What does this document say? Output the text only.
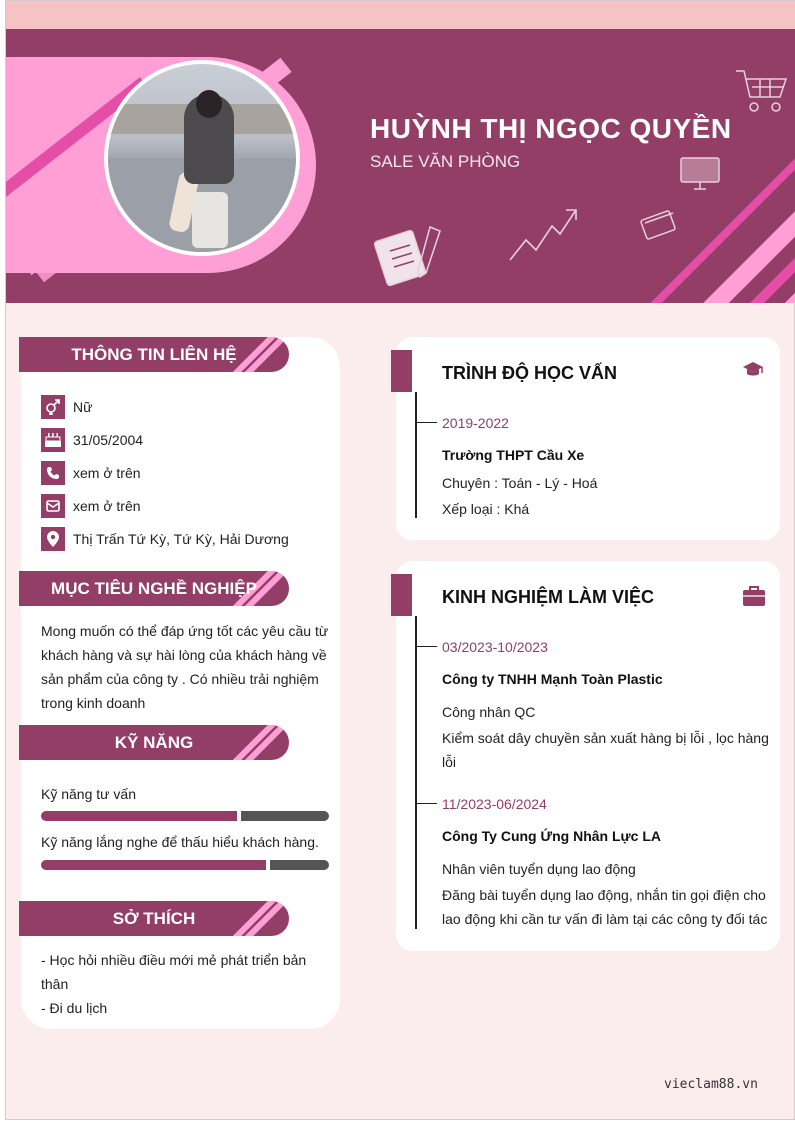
HUỲNH THỊ NGỌC QUYỀN
SALE VĂN PHÒNG
THÔNG TIN LIÊN HỆ
Nữ
31/05/2004
xem ở trên
xem ở trên
Thị Trấn Tứ Kỳ, Tứ Kỳ, Hải Dương
MỤC TIÊU NGHỀ NGHIỆP
Mong muốn có thể đáp ứng tốt các yêu cầu từ khách hàng và sự hài lòng của khách hàng về sản phẩm của công ty . Có nhiều trải nghiệm trong kinh doanh
KỸ NĂNG
Kỹ năng tư vấn
Kỹ năng lắng nghe để thấu hiểu khách hàng.
SỞ THÍCH
- Học hỏi nhiều điều mới mẻ phát triển bản thân
- Đi du lịch
TRÌNH ĐỘ HỌC VẤN
2019-2022
Trường THPT Cầu Xe
Chuyên : Toán - Lý - Hoá
Xếp loại : Khá
KINH NGHIỆM LÀM VIỆC
03/2023-10/2023
Công ty TNHH Mạnh Toàn Plastic
Công nhân QC
Kiểm soát dây chuyền sản xuất hàng bị lỗi , lọc hàng lỗi
11/2023-06/2024
Công Ty Cung Ứng Nhân Lực LA
Nhân viên tuyển dụng lao động
Đăng bài tuyển dụng lao động, nhắn tin gọi điện cho lao động khi cần tư vấn đi làm tại các công ty đối tác
vieclam88.vn
